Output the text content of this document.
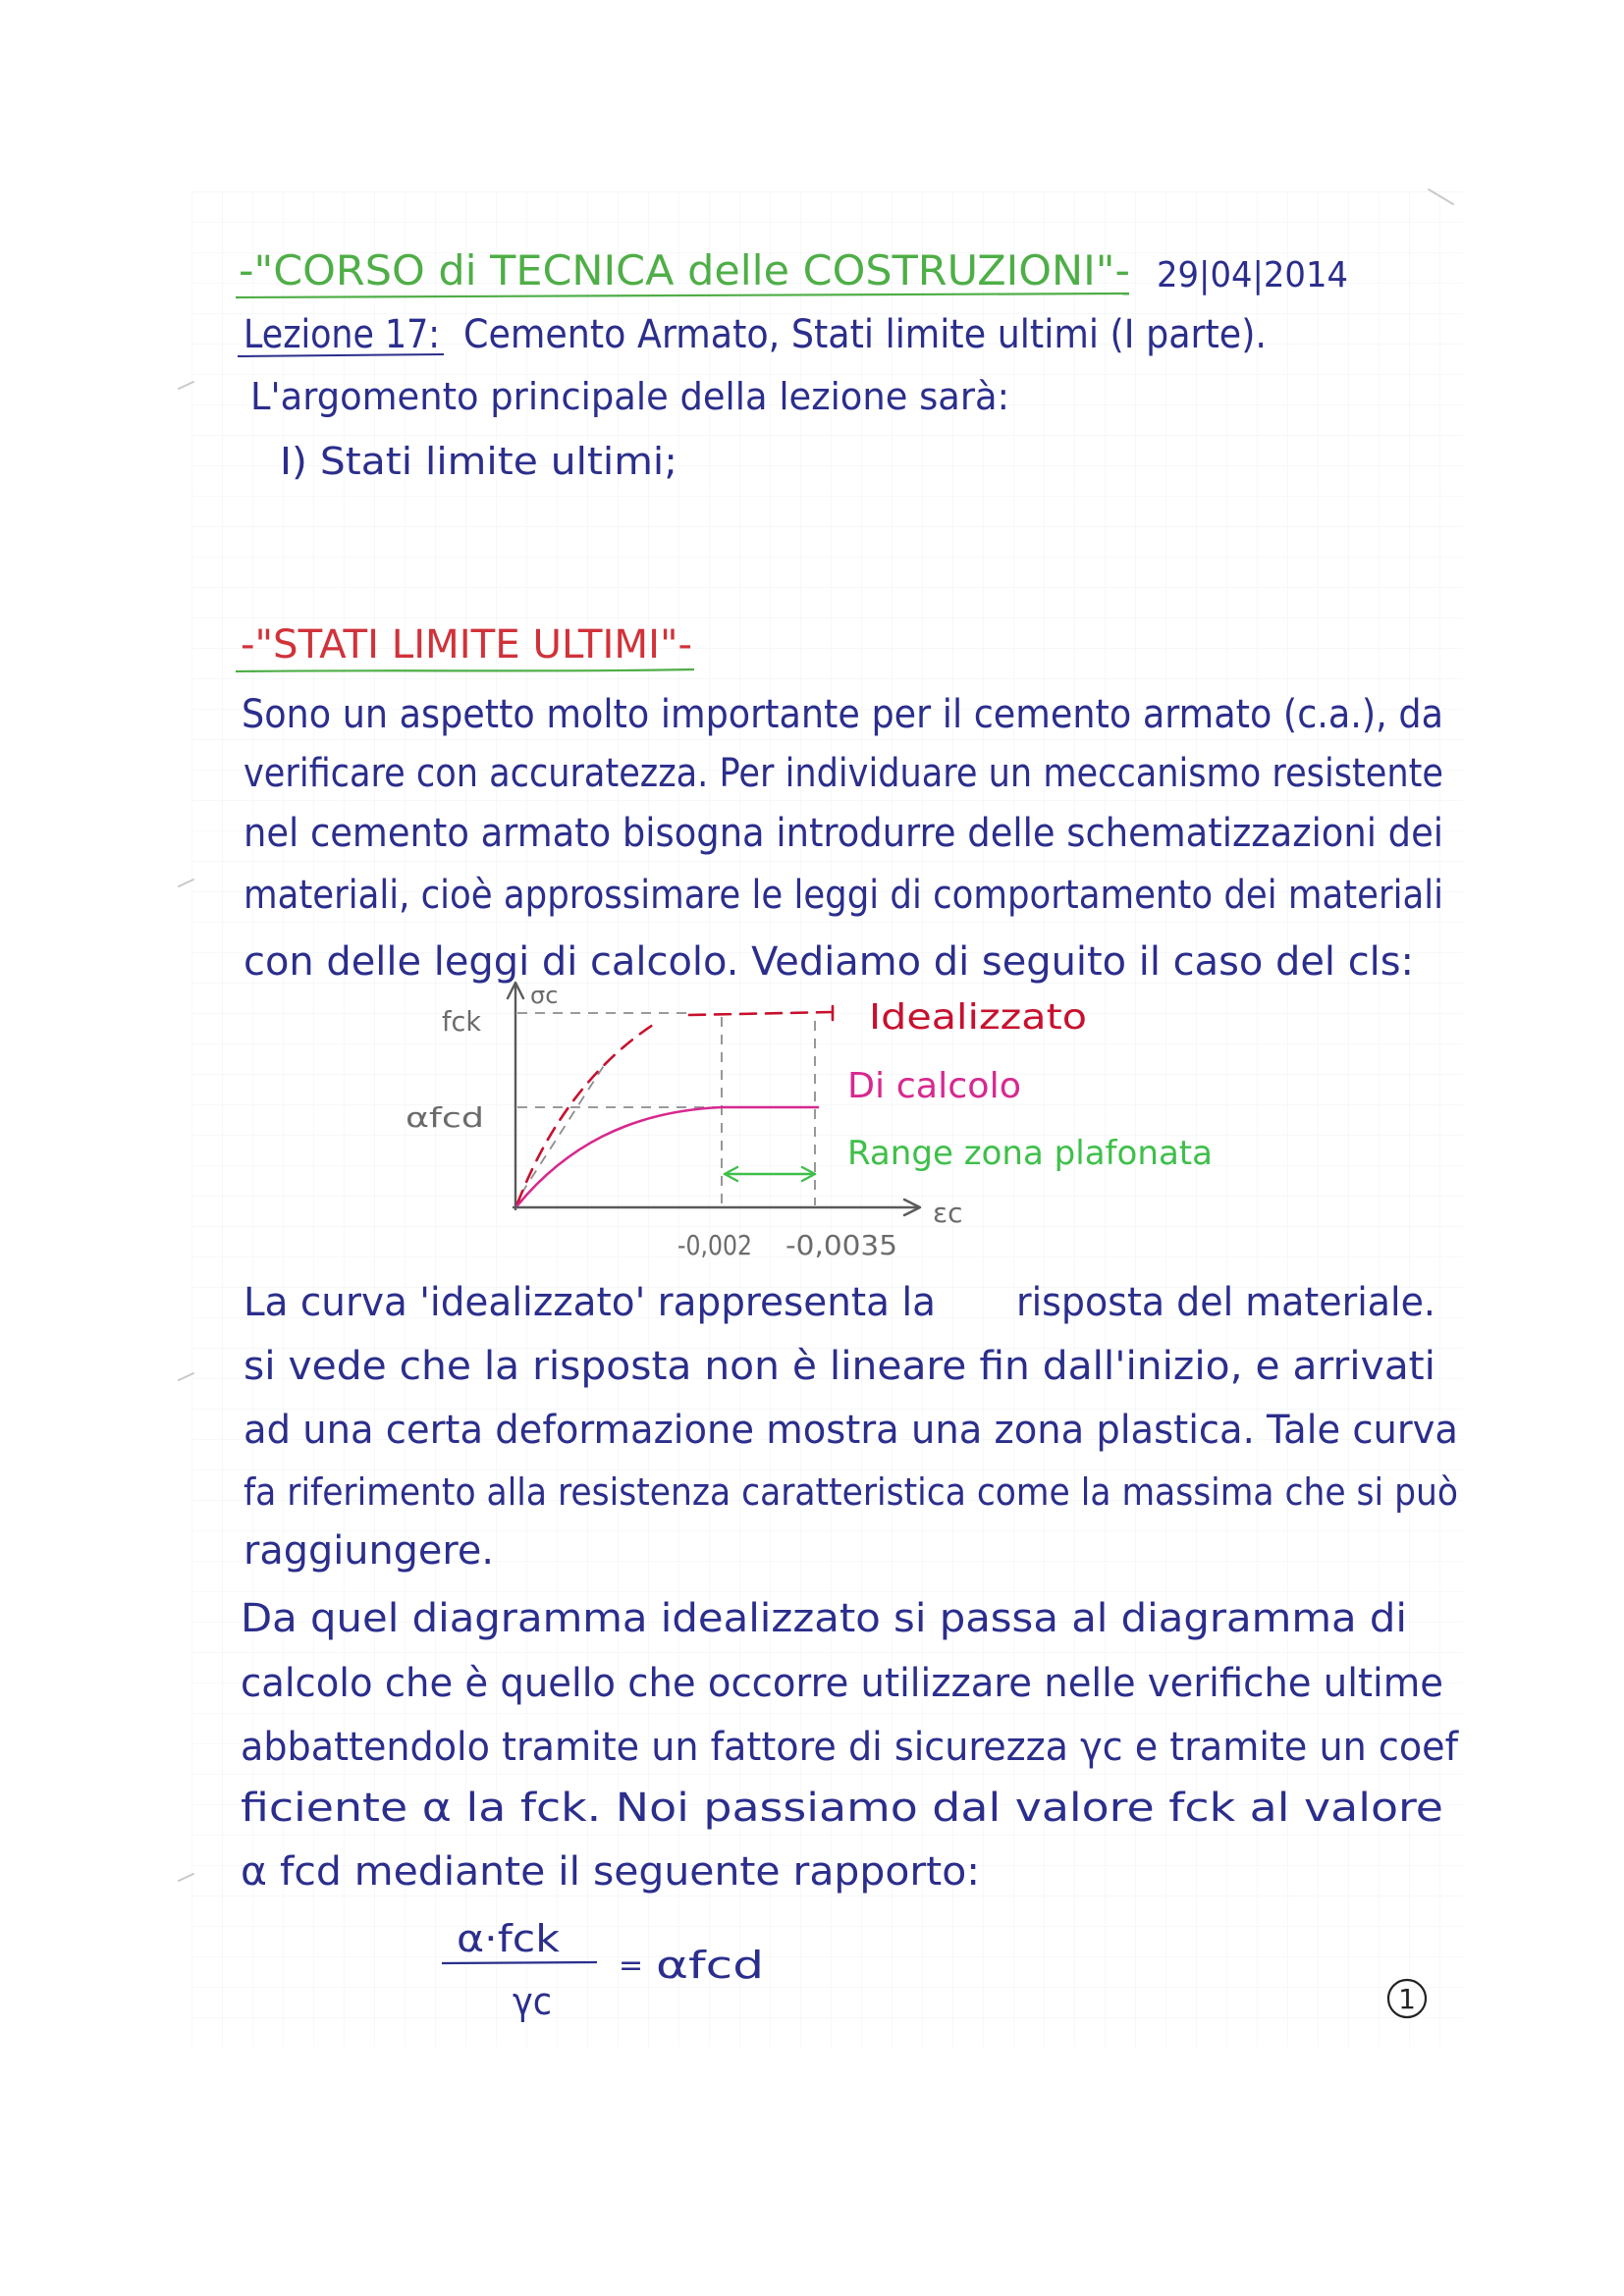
-"CORSO di TECNICA delle COSTRUZIONI"- 29|04|2014
Lezione 17: Cemento Armato, Stati limite ultimi (I parte).
L'argomento principale della lezione sarà:
I) Stati limite ultimi;
-"STATI LIMITE ULTIMI"-
Sono un aspetto molto importante per il cemento armato (c.a.), da
verificare con accuratezza. Per individuare un meccanismo resistente
nel cemento armato bisogna introdurre delle schematizzazioni dei
materiali, cioè approssimare le leggi di comportamento dei materiali
con delle leggi di calcolo. Vediamo di seguito il caso del cls:
σc
εc
fck
αfcd
-0,002 -0,0035
Idealizzato
Di calcolo
Range zona plafonata
La curva 'idealizzato' rappresenta la risposta del materiale.
si vede che la risposta non è lineare fin dall'inizio, e arrivati
ad una certa deformazione mostra una zona plastica. Tale curva
fa riferimento alla resistenza caratteristica come la massima che si può
raggiungere.
Da quel diagramma idealizzato si passa al diagramma di
calcolo che è quello che occorre utilizzare nelle verifiche ultime
abbattendolo tramite un fattore di sicurezza γc e tramite un coef
ficiente α la fck. Noi passiamo dal valore fck al valore
α fcd mediante il seguente rapporto:
α·fck
γc
= αfcd
1
